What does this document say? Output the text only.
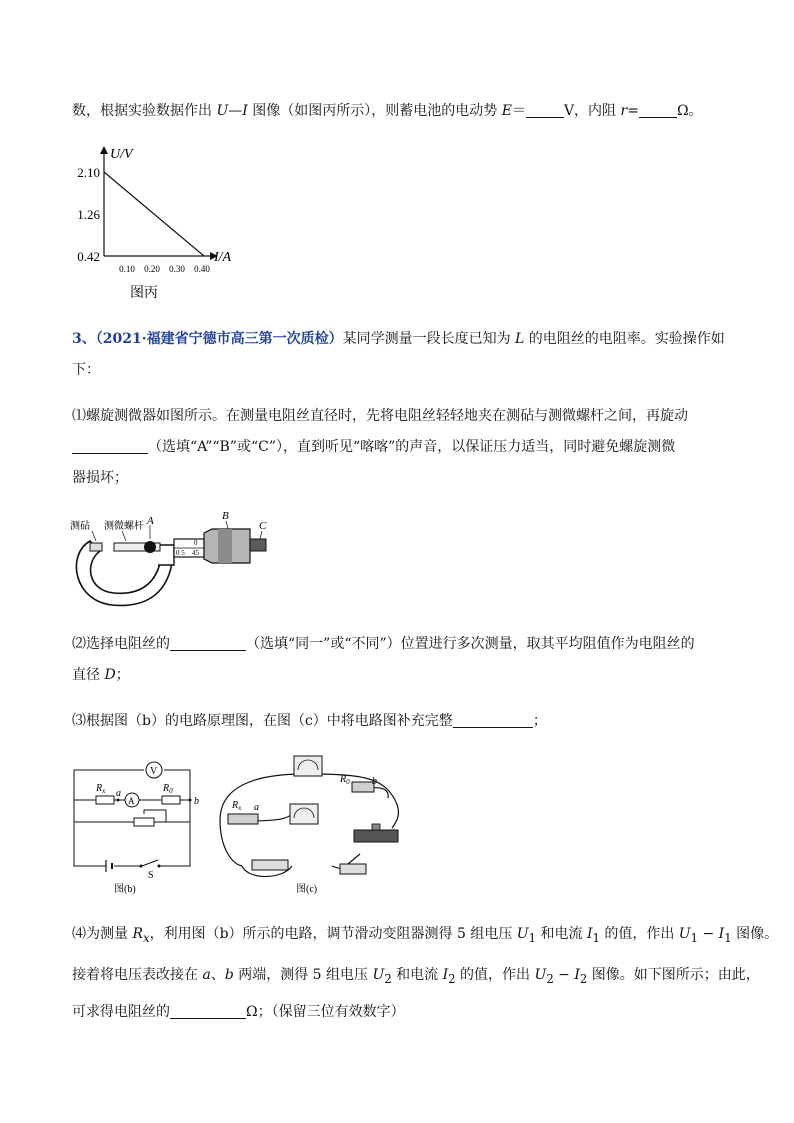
数，根据实验数据作出 U—I 图像（如图丙所示），则蓄电池的电动势 E＝	V，内阻 r=	Ω。
U/V
I/A
2.10
1.26
0.42
0.10 0.20 0.30 0.40
图丙
3、（2021·福建省宁德市高三第一次质检）某同学测量一段长度已知为 L 的电阻丝的电阻率。实验操作如
下：
⑴螺旋测微器如图所示。在测量电阻丝直径时，先将电阻丝轻轻地夹在测砧与测微螺杆之间，再旋动
（选填“A”“B”或“C”），直到听见“喀喀”的声音，以保证压力适当，同时避免螺旋测微
器损坏；
测砧 测微螺杆 A	B
C
0
45
0 5
⑵选择电阻丝的	（选填“同一”或“不同”）位置进行多次测量，取其平均阻值作为电阻丝的
直径 D；
⑶根据图（b）的电路原理图，在图（c）中将电路图补充完整	；
V
A
$R_x$	$R_0$
a
b
S
图(b)
$R_x$ a
$R_0$ b
图(c)
⑷为测量 $R_x$，利用图（b）所示的电路，调节滑动变阻器测得 5 组电压 $U_1$ 和电流 $I_1$ 的值，作出 $U_1 - I_1$ 图像。
接着将电压表改接在 a、b 两端，测得 5 组电压 $U_2$ 和电流 $I_2$ 的值，作出 $U_2 - I_2$ 图像。如下图所示；由此，
可求得电阻丝的	Ω；（保留三位有效数字）
